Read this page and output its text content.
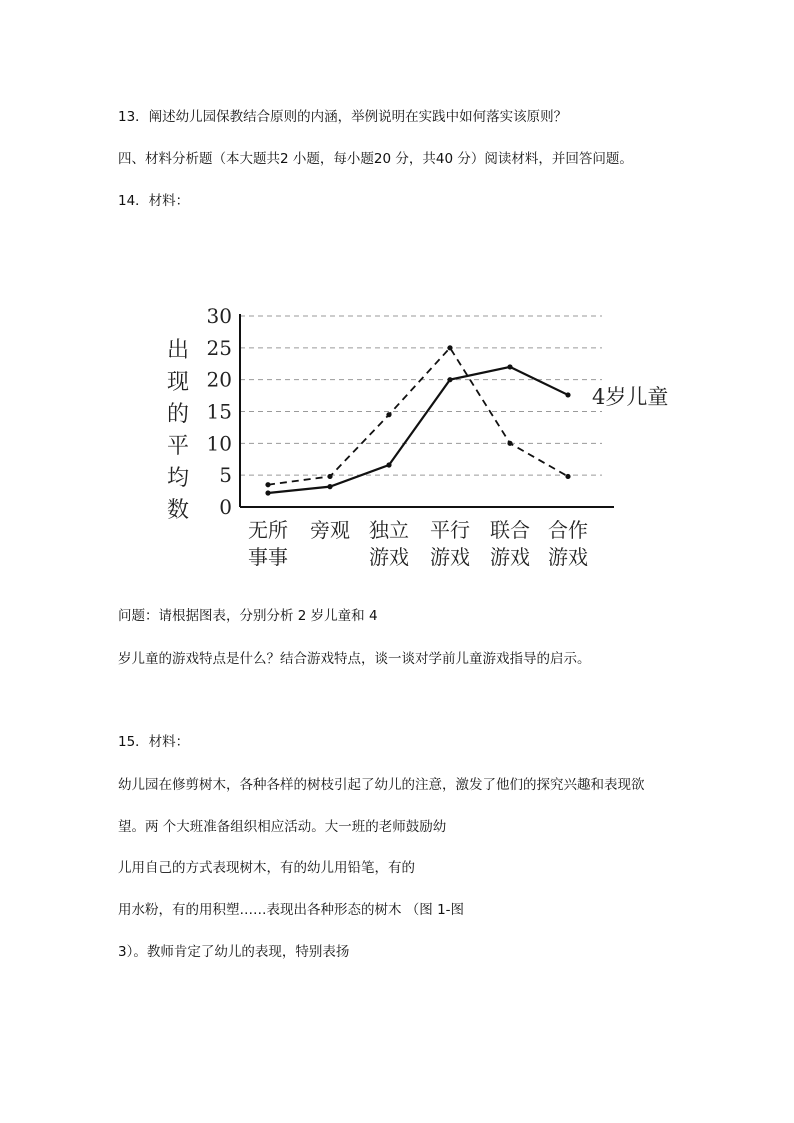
13．阐述幼儿园保教结合原则的内涵，举例说明在实践中如何落实该原则？
四、材料分析题（本大题共2 小题，每小题20 分，共40 分）阅读材料，并回答问题。
14．材料：
出
现
的
平
均
数 0
5
10
15
20
25
30
无所
事事
旁观 独立
游戏
平行
游戏
联合
游戏
合作
游戏
4岁儿童
问题：请根据图表，分别分析 2 岁儿童和 4
岁儿童的游戏特点是什么？结合游戏特点，谈一谈对学前儿童游戏指导的启示。
15．材料：
幼儿园在修剪树木，各种各样的树枝引起了幼儿的注意，激发了他们的探究兴趣和表现欲
望。两 个大班准备组织相应活动。大一班的老师鼓励幼
儿用自己的方式表现树木，有的幼儿用铅笔，有的
用水粉，有的用积塑……表现出各种形态的树木 （图 1-图
3）。教师肯定了幼儿的表现，特别表扬
